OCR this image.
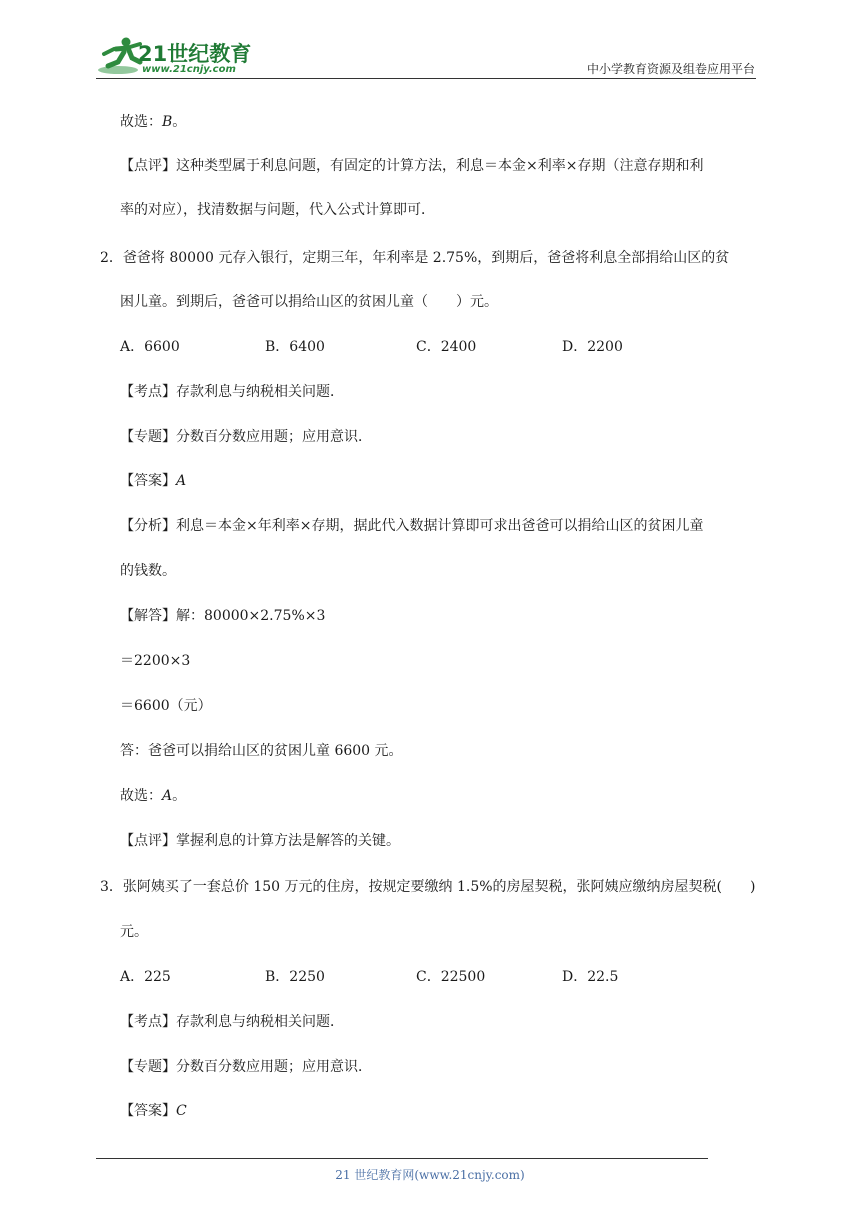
21世纪教育
www.21cnjy.com	中小学教育资源及组卷应用平台
故选：B。
【点评】这种类型属于利息问题，有固定的计算方法，利息＝本金×利率×存期（注意存期和利
率的对应），找清数据与问题，代入公式计算即可．
2．爸爸将 80000 元存入银行，定期三年，年利率是 2.75%，到期后，爸爸将利息全部捐给山区的贫
困儿童。到期后，爸爸可以捐给山区的贫困儿童（　　）元。
A．6600	B．6400	C．2400	D．2200
【考点】存款利息与纳税相关问题．
【专题】分数百分数应用题；应用意识．
【答案】A
【分析】利息＝本金×年利率×存期，据此代入数据计算即可求出爸爸可以捐给山区的贫困儿童
的钱数。
【解答】解：80000×2.75%×3
＝2200×3
＝6600（元）
答：爸爸可以捐给山区的贫困儿童 6600 元。
故选：A。
【点评】掌握利息的计算方法是解答的关键。
3．张阿姨买了一套总价 150 万元的住房，按规定要缴纳 1.5%的房屋契税，张阿姨应缴纳房屋契税(　　)
元。
A．225	B．2250	C．22500	D．22.5
【考点】存款利息与纳税相关问题．
【专题】分数百分数应用题；应用意识．
【答案】C
21 世纪教育网(www.21cnjy.com)
